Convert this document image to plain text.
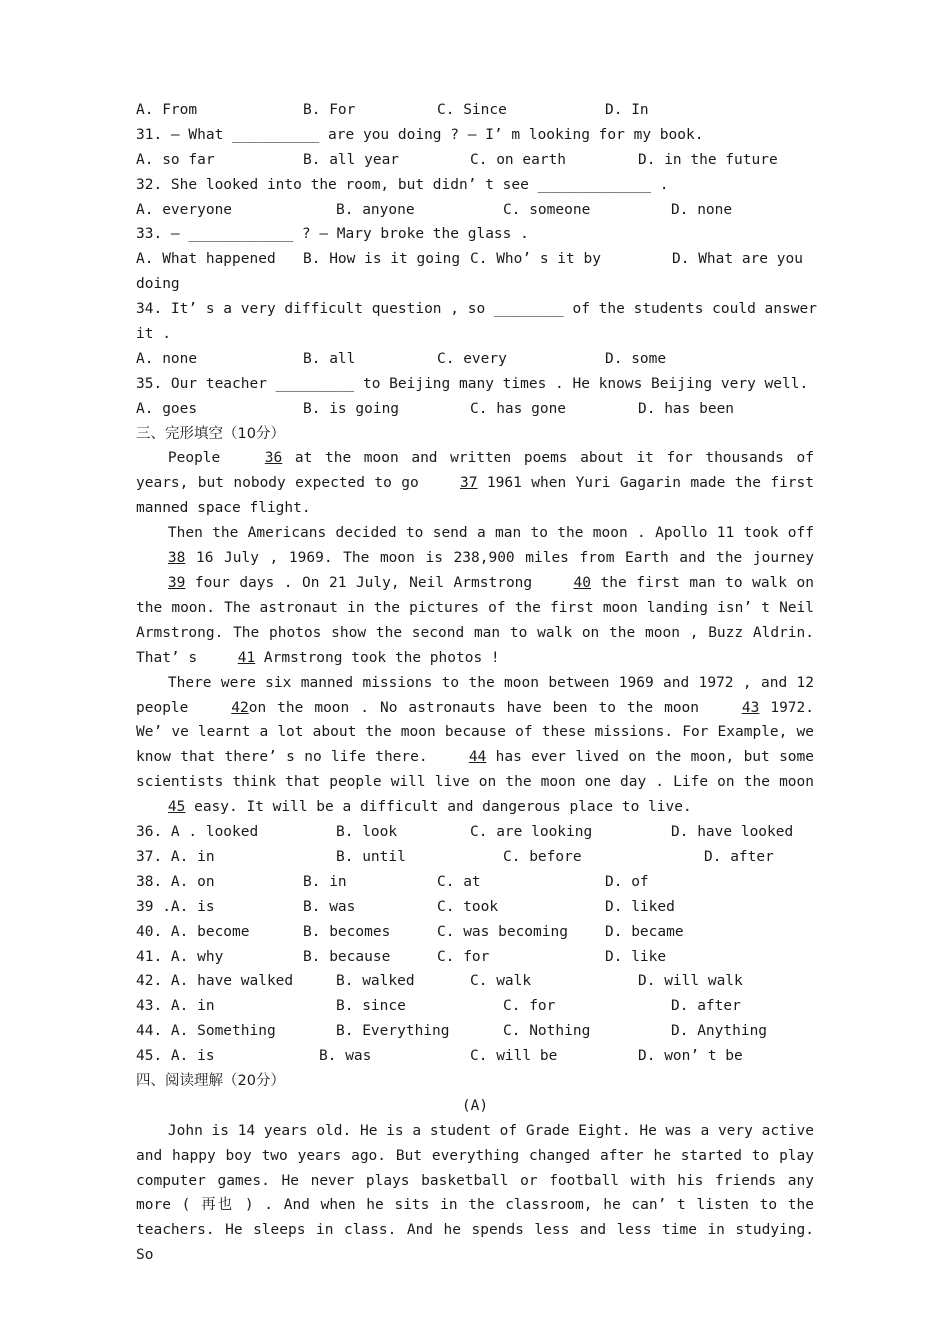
A. From	B. For	C. Since	D. In
31. — What __________ are you doing ? — I’ m looking for my book.
A. so far	B. all year	C. on earth	D. in the future
32. She looked into the room, but didn’ t see _____________ .
A. everyone	B. anyone	C. someone	D. none
33. — ____________ ? — Mary broke the glass .
A. What happened	B. How is it going C. Who’ s it by	D. What are you
doing
34. It’ s a very difficult question , so ________ of the students could answer
it .
A. none	B. all	C. every	D. some
35. Our teacher _________ to Beijing many times . He knows Beijing very well.
A. goes	B. is going	C. has gone	D. has been
三、完形填空（10分）

People 36 at the moon and written poems about it for thousands of years, but nobody expected to go 37 1961 when Yuri Gagarin made the first manned space flight.

Then the Americans decided to send a man to the moon . Apollo 11 took off 38 16 July , 1969. The moon is 238,900 miles from Earth and the journey 39 four days . On 21 July, Neil Armstrong 40 the first man to walk on the moon. The astronaut in the pictures of the first moon landing isn’ t Neil Armstrong. The photos show the second man to walk on the moon , Buzz Aldrin. That’ s 41 Armstrong took the photos !

There were six manned missions to the moon between 1969 and 1972 , and 12 people 42on the moon . No astronauts have been to the moon 43 1972. We’ ve learnt a lot about the moon because of these missions. For Example, we know that there’ s no life there. 44 has ever lived on the moon, but some scientists think that people will live on the moon one day . Life on the moon 45 easy. It will be a difficult and dangerous place to live.

36. A . looked	B. look	C. are looking	D. have looked
37. A. in	B. until	C. before	D. after
38. A. on	B. in	C. at	D. of
39 .A. is	B. was	C. took	D. liked
40. A. become	B. becomes	C. was becoming	D. became
41. A. why	B. because	C. for	D. like
42. A. have walked	B. walked	C. walk	D. will walk
43. A. in	B. since	C. for	D. after
44. A. Something	B. Everything	C. Nothing	D. Anything
45. A. is	B. was	C. will be	D. won’ t be
四、阅读理解（20分）
(A)

John is 14 years old. He is a student of Grade Eight. He was a very active and happy boy two years ago. But everything changed after he started to play computer games. He never plays basketball or football with his friends any more ( 再也 ) . And when he sits in the classroom, he can’ t listen to the teachers. He sleeps in class. And he spends less and less time in studying. So
